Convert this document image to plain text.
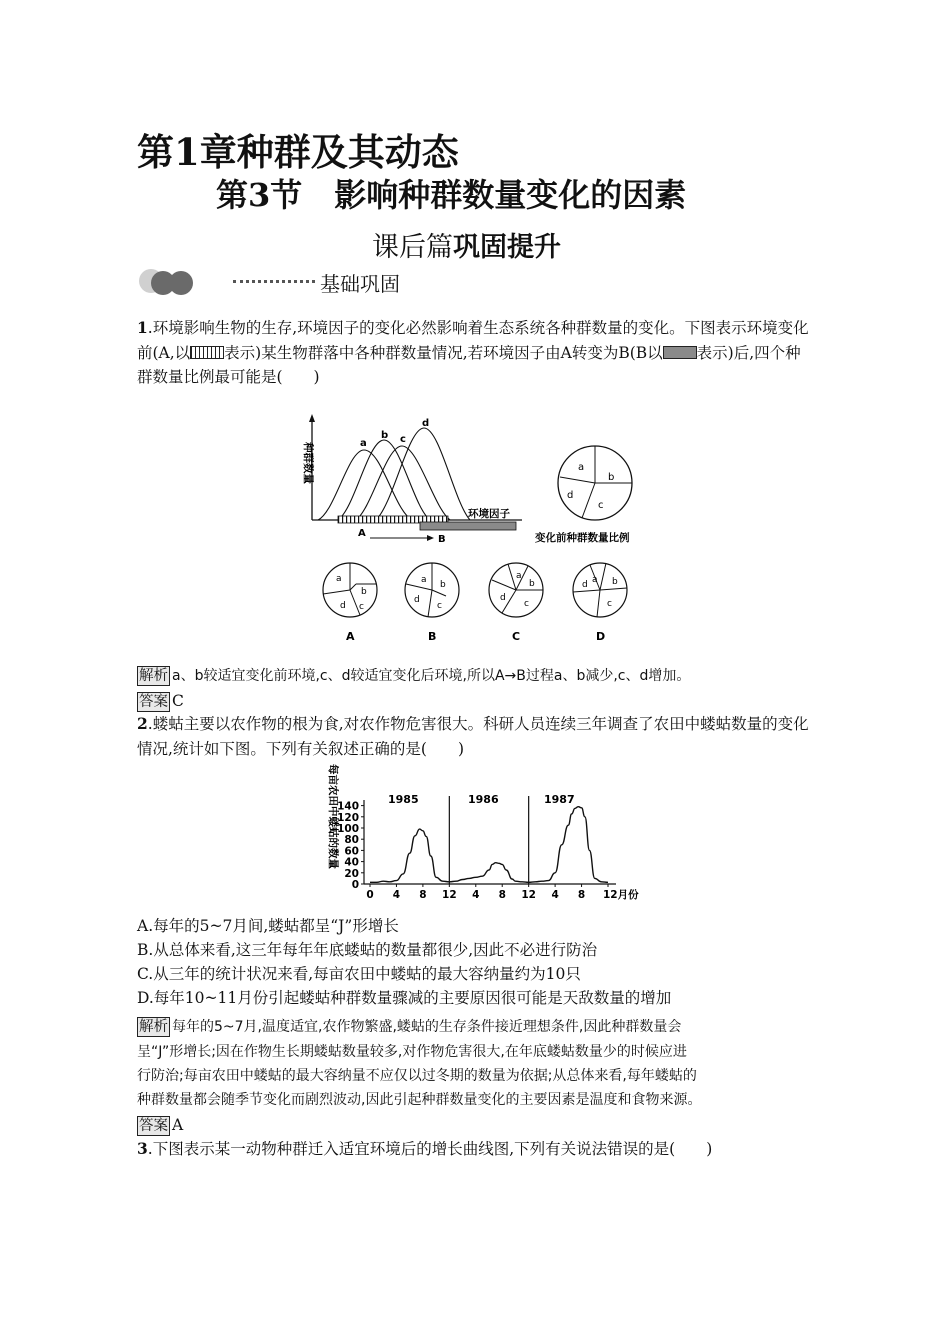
第1章种群及其动态
第3节　影响种群数量变化的因素
课后篇巩固提升
基础巩固
1.环境影响生物的生存,环境因子的变化必然影响着生态系统各种群数量的变化。下图表示环境变化前(A,以 表示)某生物群落中各种群数量情况,若环境因子由A转变为B(B以 表示)后,四个种群数量比例最可能是(　　)
种群数量
环境因子
a
b c
d
A
B
a
b
c
d
变化前种群数量比例
a
b
c
d
a b
c
d
a
b
c
d
a b
c
d
A	B	C	D
解析 a、b较适宜变化前环境,c、d较适宜变化后环境,所以A→B过程a、b减少,c、d增加。
答案 C
2.蝼蛄主要以农作物的根为食,对农作物危害很大。科研人员连续三年调查了农田中蝼蛄数量的变化情况,统计如下图。下列有关叙述正确的是(　　)
每亩农田中蝼蛄的数量
0
20
40
60
80
100
120
140
0 4 8 12 4 8 12 4 8 12月份
1985	1986	1987
A.每年的5~7月间,蝼蛄都呈“J”形增长
B.从总体来看,这三年每年年底蝼蛄的数量都很少,因此不必进行防治
C.从三年的统计状况来看,每亩农田中蝼蛄的最大容纳量约为10只
D.每年10~11月份引起蝼蛄种群数量骤减的主要原因很可能是天敌数量的增加
解析 每年的5~7月,温度适宜,农作物繁盛,蝼蛄的生存条件接近理想条件,因此种群数量会
呈“J”形增长;因在作物生长期蝼蛄数量较多,对作物危害很大,在年底蝼蛄数量少的时候应进
行防治;每亩农田中蝼蛄的最大容纳量不应仅以过冬期的数量为依据;从总体来看,每年蝼蛄的
种群数量都会随季节变化而剧烈波动,因此引起种群数量变化的主要因素是温度和食物来源。
答案 A
3.下图表示某一动物种群迁入适宜环境后的增长曲线图,下列有关说法错误的是(　　)
